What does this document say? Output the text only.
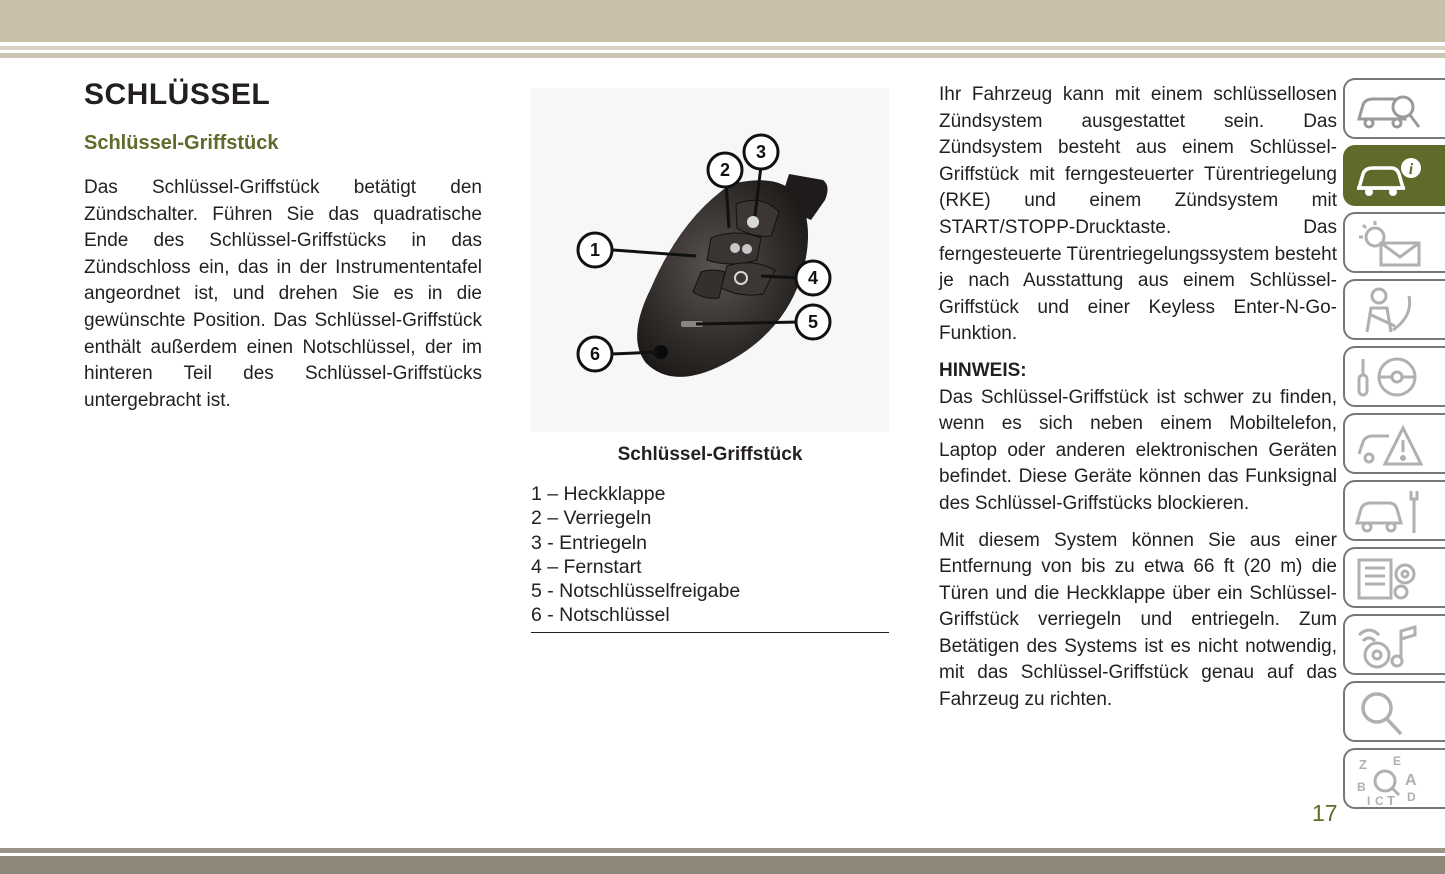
SCHLÜSSEL
Schlüssel-Griffstück
Das Schlüssel-Griffstück betätigt den Zündschalter. Führen Sie das quadratische Ende des Schlüssel-Griffstücks in das Zündschloss ein, das in der Instrumententafel angeordnet ist, und drehen Sie es in die gewünschte Position. Das Schlüssel-Griffstück enthält außerdem einen Notschlüssel, der im hinteren Teil des Schlüssel-Griffstücks untergebracht ist.
1
2
3
4
5
6
Schlüssel-Griffstück
1 – Heckklappe
2 – Verriegeln
3 - Entriegeln
4 – Fernstart
5 - Notschlüsselfreigabe
6 - Notschlüssel

Ihr Fahrzeug kann mit einem schlüssellosen Zündsystem ausgestattet sein. Das Zündsystem besteht aus einem Schlüssel-Griffstück mit ferngesteuerter Türentriegelung (RKE) und einem Zündsystem mit START/STOPP-Drucktaste. Das ferngesteuerte Türentriegelungssystem besteht je nach Ausstattung aus einem Schlüssel-Griffstück und einer Keyless Enter-N-Go-Funktion.

HINWEIS:

Das Schlüssel-Griffstück ist schwer zu finden, wenn es sich neben einem Mobiltelefon, Laptop oder anderen elektronischen Geräten befindet. Diese Geräte können das Funksignal des Schlüssel-Griffstücks blockieren.

Mit diesem System können Sie aus einer Entfernung von bis zu etwa 66 ft (20 m) die Türen und die Heckklappe über ein Schlüssel-Griffstück verriegeln und entriegeln. Zum Betätigen des Systems ist es nicht notwendig, mit das Schlüssel-Griffstück genau auf das Fahrzeug zu richten.

i
Z E
A
B
C D
T
I
17
